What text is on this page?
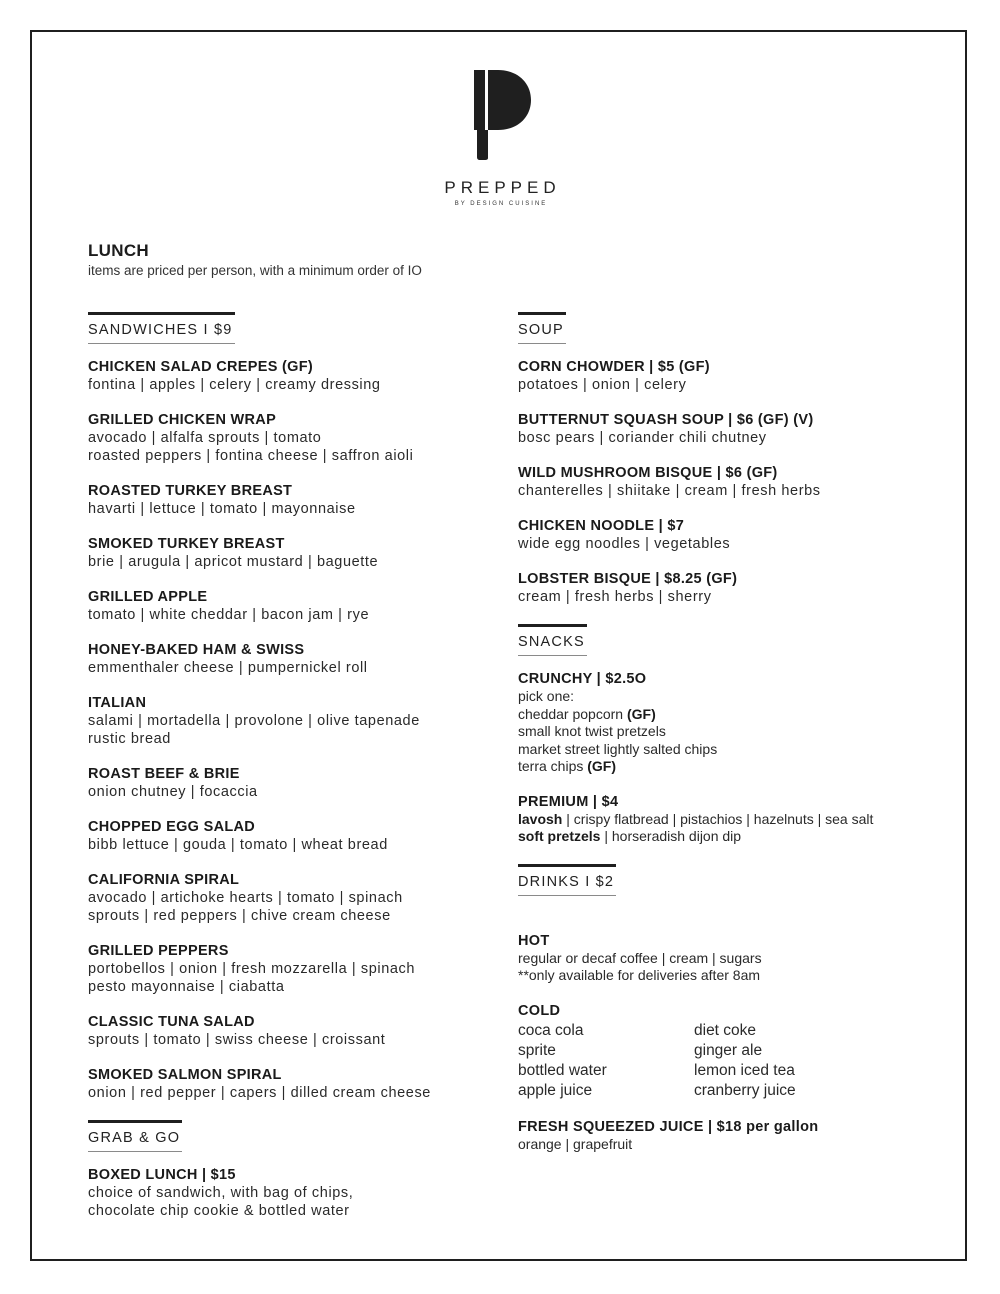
PREPPED
BY DESIGN CUISINE
LUNCH
items are priced per person, with a minimum order of IO
SANDWICHES I $9
CHICKEN SALAD CREPES (GF)
fontina | apples | celery | creamy dressing
GRILLED CHICKEN WRAP
avocado | alfalfa sprouts | tomato
roasted peppers | fontina cheese | saffron aioli
ROASTED TURKEY BREAST
havarti | lettuce | tomato | mayonnaise
SMOKED TURKEY BREAST
brie | arugula | apricot mustard | baguette
GRILLED APPLE
tomato | white cheddar | bacon jam | rye
HONEY-BAKED HAM & SWISS
emmenthaler cheese | pumpernickel roll
ITALIAN
salami | mortadella | provolone | olive tapenade
rustic bread
ROAST BEEF & BRIE
onion chutney | focaccia
CHOPPED EGG SALAD
bibb lettuce | gouda | tomato | wheat bread
CALIFORNIA SPIRAL
avocado | artichoke hearts | tomato | spinach
sprouts | red peppers | chive cream cheese
GRILLED PEPPERS
portobellos | onion | fresh mozzarella | spinach
pesto mayonnaise | ciabatta
CLASSIC TUNA SALAD
sprouts | tomato | swiss cheese | croissant
SMOKED SALMON SPIRAL
onion | red pepper | capers | dilled cream cheese
GRAB & GO
BOXED LUNCH | $15
choice of sandwich, with bag of chips,
chocolate chip cookie & bottled water
SOUP
CORN CHOWDER | $5 (GF)
potatoes | onion | celery
BUTTERNUT SQUASH SOUP | $6 (GF) (V)
bosc pears | coriander chili chutney
WILD MUSHROOM BISQUE | $6 (GF)
chanterelles | shiitake | cream | fresh herbs
CHICKEN NOODLE | $7
wide egg noodles | vegetables
LOBSTER BISQUE | $8.25 (GF)
cream | fresh herbs | sherry
SNACKS
CRUNCHY | $2.5O
pick one:
cheddar popcorn (GF)
small knot twist pretzels
market street lightly salted chips
terra chips (GF)
PREMIUM | $4
lavosh | crispy flatbread | pistachios | hazelnuts | sea salt
soft pretzels | horseradish dijon dip
DRINKS I $2
HOT
regular or decaf coffee | cream | sugars
**only available for deliveries after 8am
COLD
coca cola	diet coke
sprite	ginger ale
bottled water	lemon iced tea
apple juice	cranberry juice
FRESH SQUEEZED JUICE | $18 per gallon
orange | grapefruit
